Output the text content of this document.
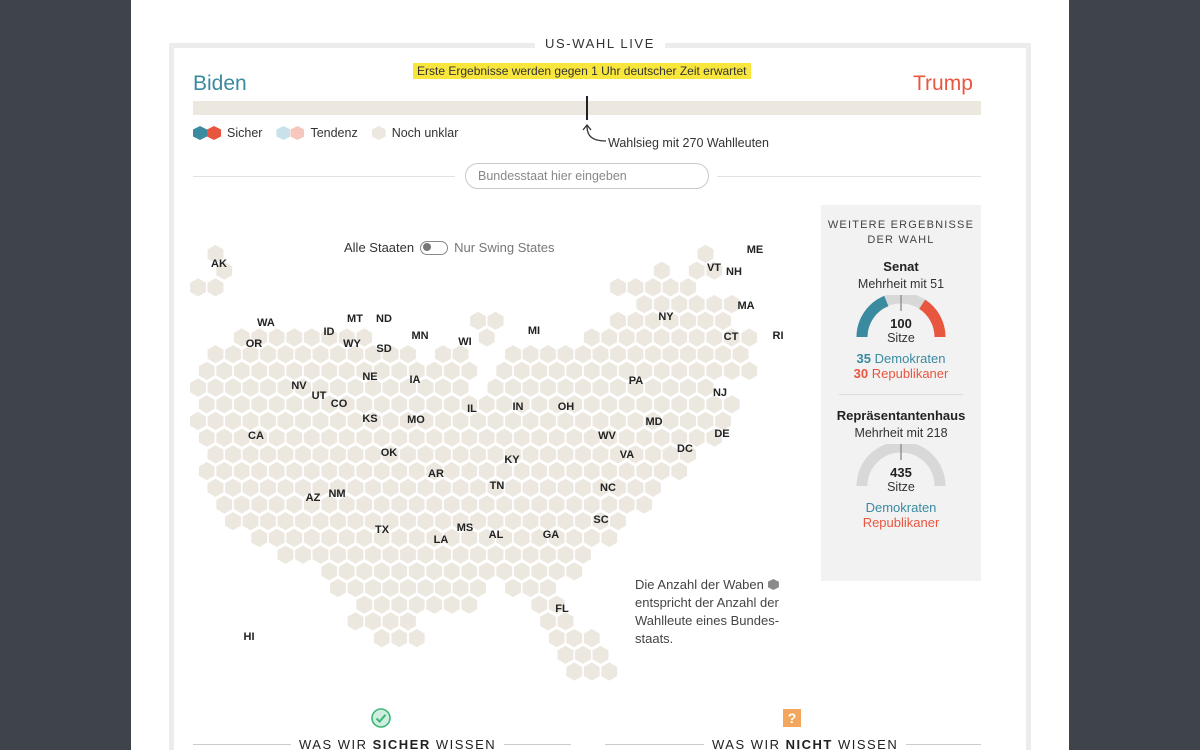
US-WAHL LIVE
Erste Ergebnisse werden gegen 1 Uhr deutscher Zeit erwartet
Biden	Trump
Sicher	Tendenz	Noch unklar
Wahlsieg mit 270 Wahlleuten
Bundesstaat hier eingeben
Alle Staaten	Nur Swing States
AK
HI
WA
OR
CA
NV
ID
MT
WY
UT
AZ
CO
NM
ND
SD
NE
KS
OK
TX
MN
IA
MO
AR
LA
WI
IL
MI
IN	OH
KY
TN
MS
AL	GA
FL
SC
NC
VA
WV
PA
MD
DC
DE
NJ
NY
CT	RI
MA
VT NH
ME
Die Anzahl der Waben
entspricht der Anzahl der
Wahlleute eines Bundes-
staats.
WEITERE ERGEBNISSE
DER WAHL
Senat
Mehrheit mit 51
100
Sitze
35 Demokraten
30 Republikaner
Repräsentantenhaus
Mehrheit mit 218
435
Sitze
Demokraten
Republikaner
?
WAS WIR SICHER WISSEN	WAS WIR NICHT WISSEN
